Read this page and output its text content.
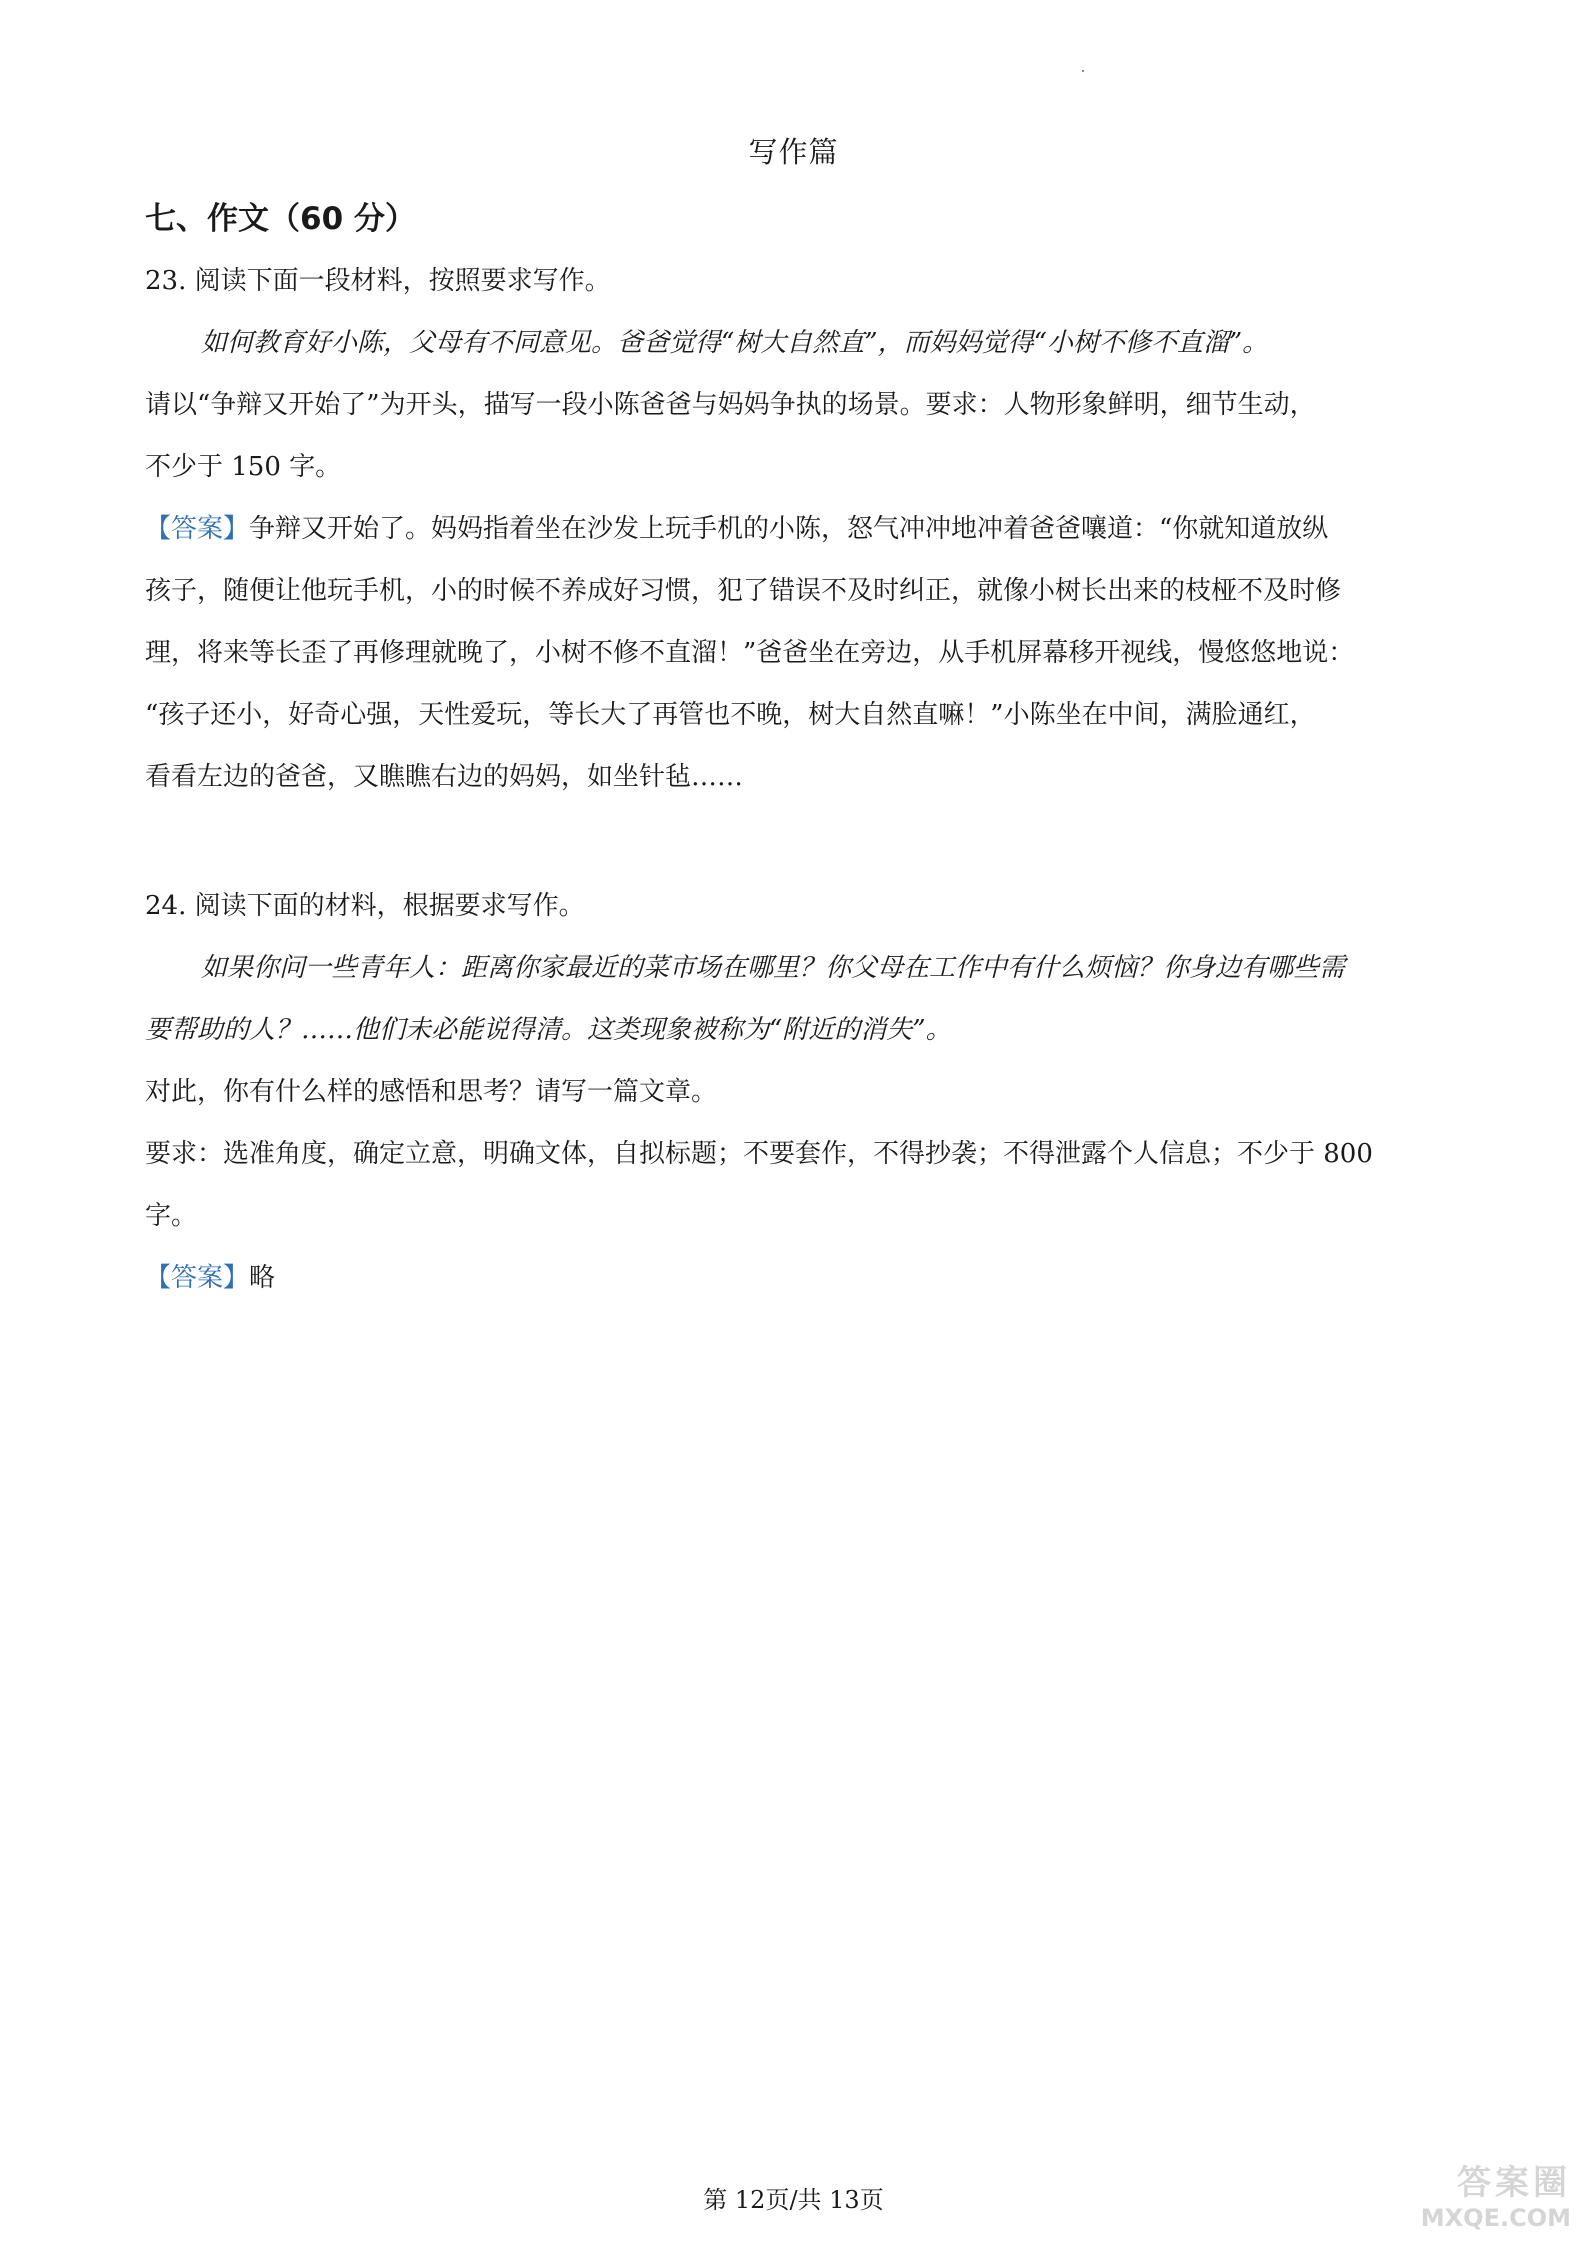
写作篇
七、作文（60 分）
23. 阅读下面一段材料，按照要求写作。
如何教育好小陈，父母有不同意见。爸爸觉得“树大自然直”，而妈妈觉得“小树不修不直溜”。
请以“争辩又开始了”为开头，描写一段小陈爸爸与妈妈争执的场景。要求：人物形象鲜明，细节生动，
不少于 150 字。
【答案】争辩又开始了。妈妈指着坐在沙发上玩手机的小陈，怒气冲冲地冲着爸爸嚷道：“你就知道放纵
孩子，随便让他玩手机，小的时候不养成好习惯，犯了错误不及时纠正，就像小树长出来的枝桠不及时修
理，将来等长歪了再修理就晚了，小树不修不直溜！”爸爸坐在旁边，从手机屏幕移开视线，慢悠悠地说：
“孩子还小，好奇心强，天性爱玩，等长大了再管也不晚，树大自然直嘛！”小陈坐在中间，满脸通红，
看看左边的爸爸，又瞧瞧右边的妈妈，如坐针毡……
24. 阅读下面的材料，根据要求写作。
如果你问一些青年人：距离你家最近的菜市场在哪里？你父母在工作中有什么烦恼？你身边有哪些需
要帮助的人？……他们未必能说得清。这类现象被称为“附近的消失”。
对此，你有什么样的感悟和思考？请写一篇文章。
要求：选准角度，确定立意，明确文体，自拟标题；不要套作，不得抄袭；不得泄露个人信息；不少于 800
字。
【答案】略
第 12页/共 13页	答案圈
MXQE.COM
